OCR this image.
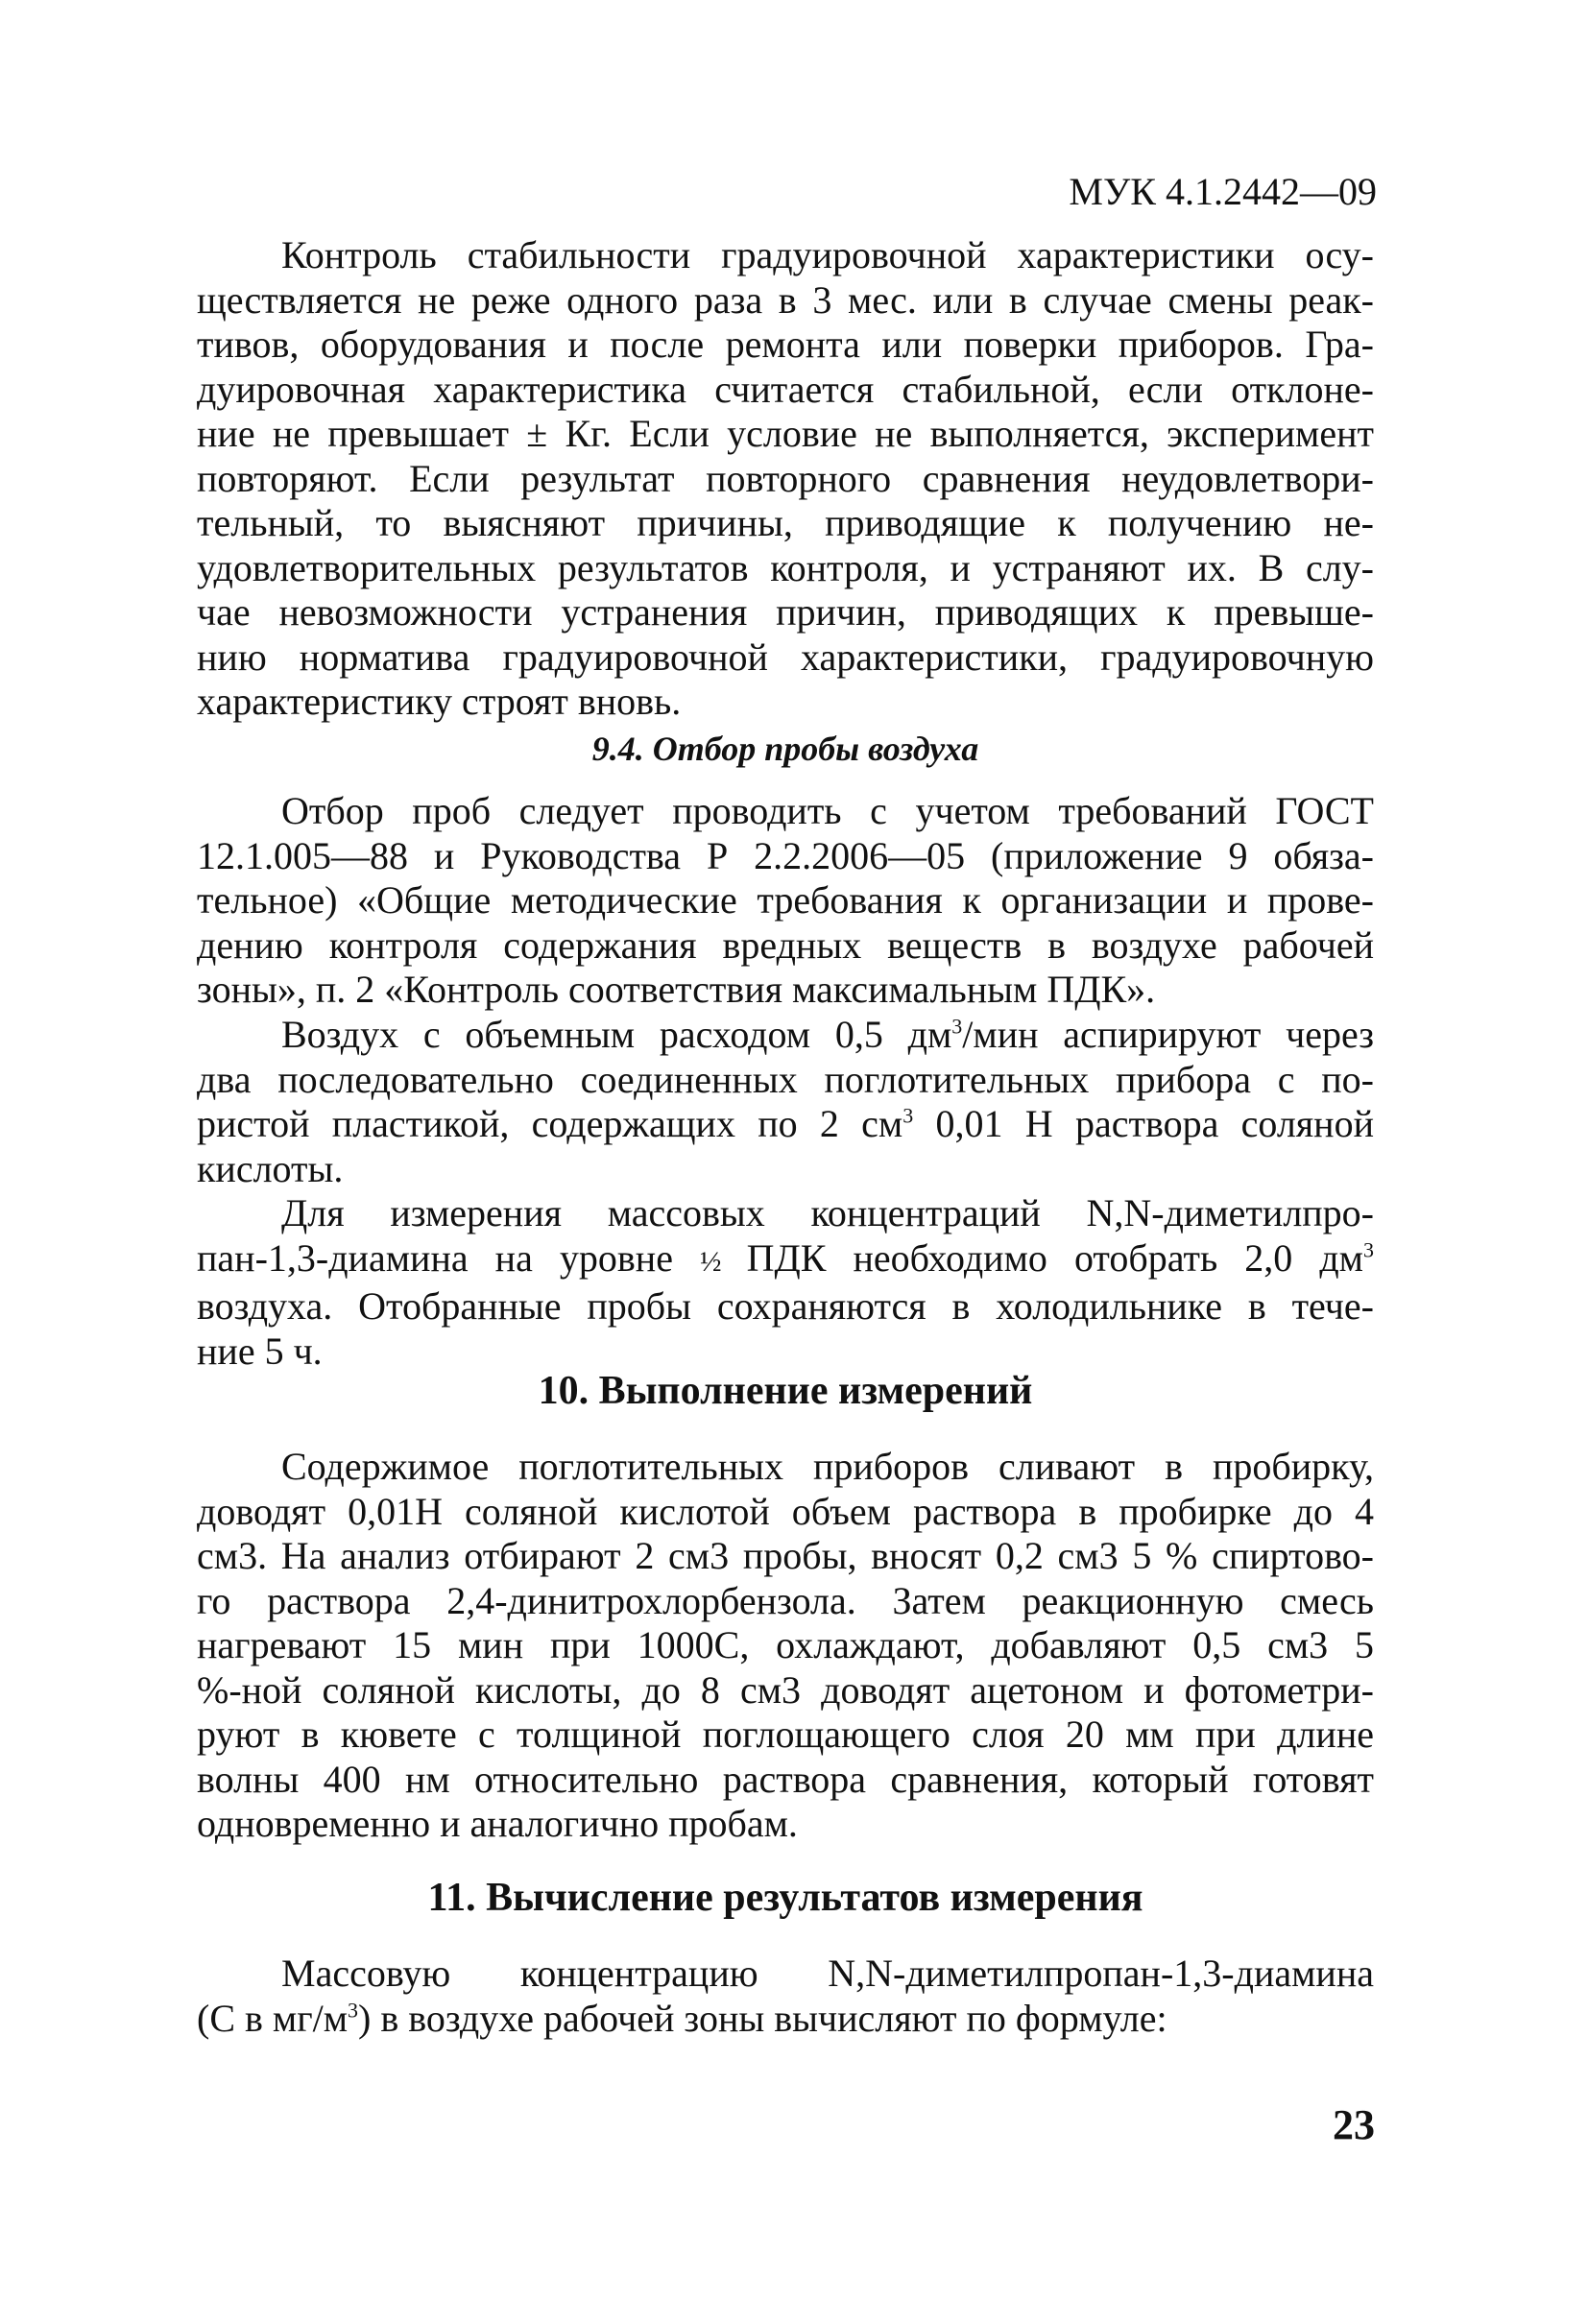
МУК 4.1.2442—09
Контроль стабильности градуировочной характеристики осу-
ществляется не реже одного раза в 3 мес. или в случае смены реак-
тивов, оборудования и после ремонта или поверки приборов. Гра-
дуировочная характеристика считается стабильной, если отклоне-
ние не превышает ± Кг. Если условие не выполняется, эксперимент
повторяют. Если результат повторного сравнения неудовлетвори-
тельный, то выясняют причины, приводящие к получению не-
удовлетворительных результатов контроля, и устраняют их. В слу-
чае невозможности устранения причин, приводящих к превыше-
нию норматива градуировочной характеристики, градуировочную
характеристику строят вновь.

9.4. Отбор пробы воздуха

Отбор проб следует проводить с учетом требований ГОСТ
12.1.005—88 и Руководства Р 2.2.2006—05 (приложение 9 обяза-
тельное) «Общие методические требования к организации и прове-
дению контроля содержания вредных веществ в воздухе рабочей
зоны», п. 2 «Контроль соответствия максимальным ПДК».
Воздух с объемным расходом 0,5 $дм^3$/мин аспирируют через
два последовательно соединенных поглотительных прибора с по-
ристой пластикой, содержащих по 2 $см^3$ 0,01 Н раствора соляной
кислоты.
Для измерения массовых концентраций N,N-диметилпро-
пан-1,3-диамина на уровне ½ ПДК необходимо отобрать 2,0 $дм^3$
воздуха. Отобранные пробы сохраняются в холодильнике в тече-
ние 5 ч.

10. Выполнение измерений

Содержимое поглотительных приборов сливают в пробирку,
доводят 0,01Н соляной кислотой объем раствора в пробирке до 4
см3. На анализ отбирают 2 см3 пробы, вносят 0,2 см3 5 % спиртово-
го раствора 2,4-динитрохлорбензола. Затем реакционную смесь
нагревают 15 мин при 1000С, охлаждают, добавляют 0,5 см3 5
%-ной соляной кислоты, до 8 см3 доводят ацетоном и фотометри-
руют в кювете с толщиной поглощающего слоя 20 мм при длине
волны 400 нм относительно раствора сравнения, который готовят
одновременно и аналогично пробам.

11. Вычисление результатов измерения

Массовую концентрацию N,N-диметилпропан-1,3-диамина
(С в $мг/м^3$) в воздухе рабочей зоны вычисляют по формуле:
23
